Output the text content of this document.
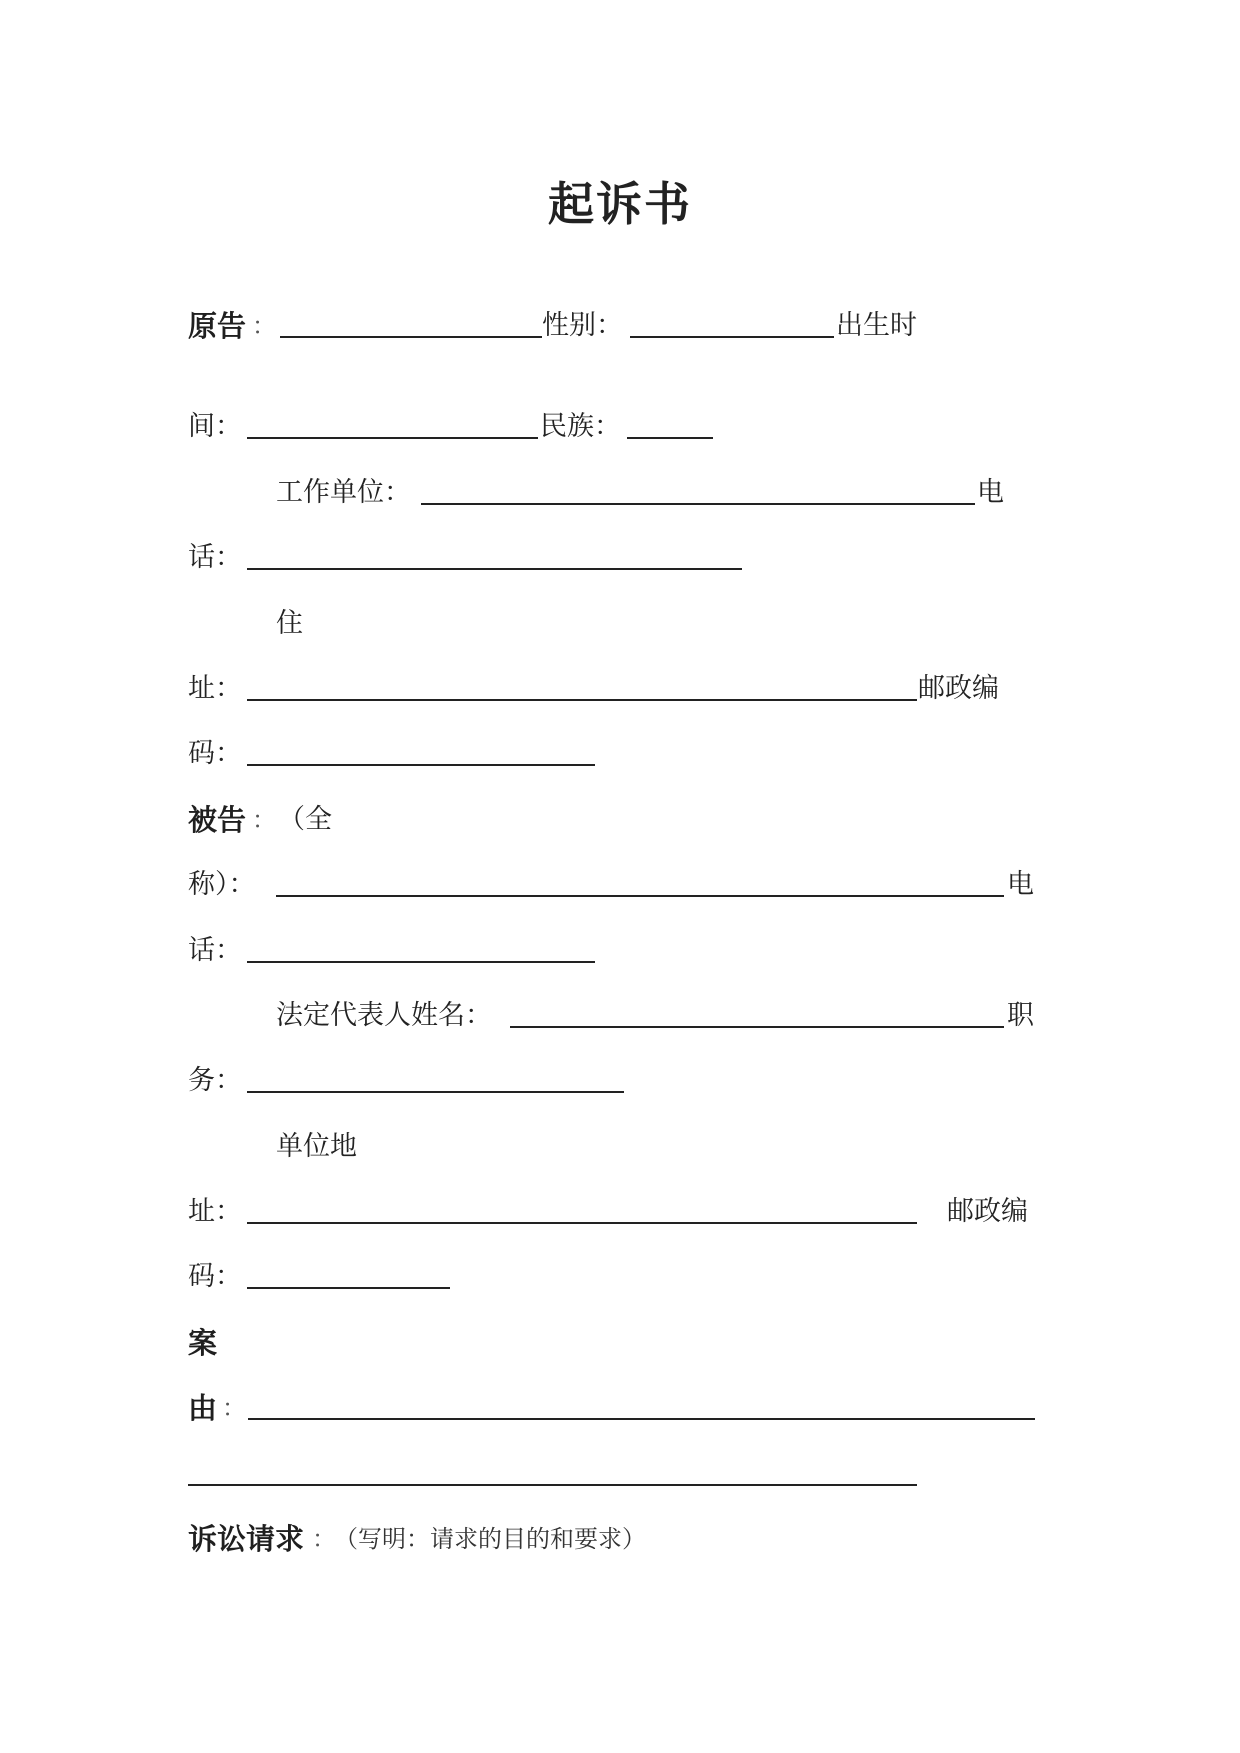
起诉书
原告 ：	性别：	出生时
间：	民族：
工作单位：	电
话：
住
址：	邮政编
码：
被告 ： （全
称）：	电
话：
法定代表人姓名：	职
务：
单位地
址：	邮政编
码：
案
由 ：
诉讼请求 ：
（写明：请求的目的和要求）
